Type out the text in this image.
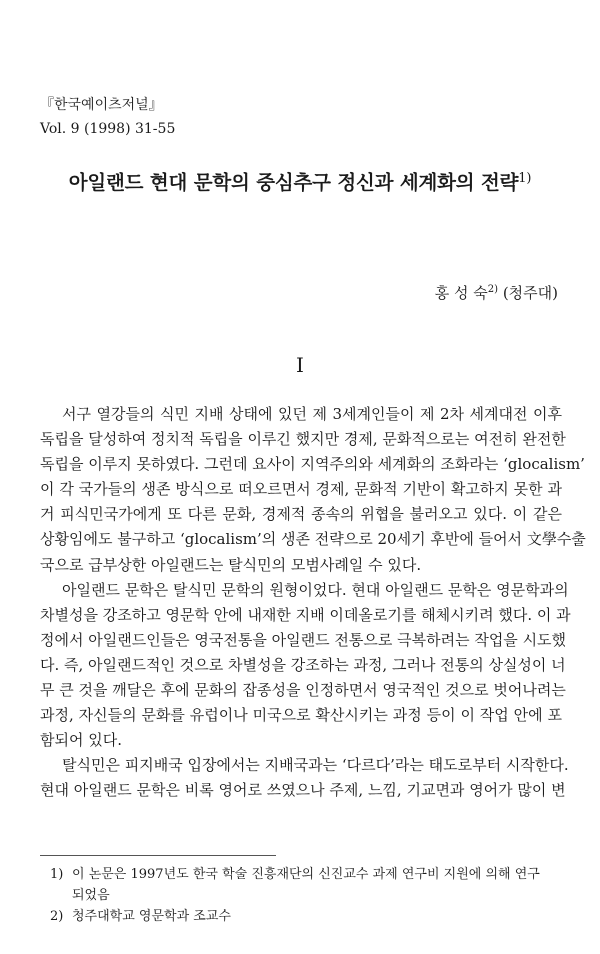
『한국예이츠저널』
Vol. 9 (1998) 31-55
아일랜드 현대 문학의 중심추구 정신과 세계화의 전략$^{1)}$
홍 성 숙$^{2)}$ (청주대)
I
서구 열강들의 식민 지배 상태에 있던 제 3세계인들이 제 2차 세계대전 이후
독립을 달성하여 정치적 독립을 이루긴 했지만 경제, 문화적으로는 여전히 완전한
독립을 이루지 못하였다. 그런데 요사이 지역주의와 세계화의 조화라는 ‘glocalism’
이 각 국가들의 생존 방식으로 떠오르면서 경제, 문화적 기반이 확고하지 못한 과
거 피식민국가에게 또 다른 문화, 경제적 종속의 위협을 불러오고 있다. 이 같은
상황임에도 불구하고 ‘glocalism’의 생존 전략으로 20세기 후반에 들어서 文學수출
국으로 급부상한 아일랜드는 탈식민의 모범사례일 수 있다.
아일랜드 문학은 탈식민 문학의 원형이었다. 현대 아일랜드 문학은 영문학과의
차별성을 강조하고 영문학 안에 내재한 지배 이데올로기를 해체시키려 했다. 이 과
정에서 아일랜드인들은 영국전통을 아일랜드 전통으로 극복하려는 작업을 시도했
다. 즉, 아일랜드적인 것으로 차별성을 강조하는 과정, 그러나 전통의 상실성이 너
무 큰 것을 깨달은 후에 문화의 잡종성을 인정하면서 영국적인 것으로 벗어나려는
과정, 자신들의 문화를 유럽이나 미국으로 확산시키는 과정 등이 이 작업 안에 포
함되어 있다.
탈식민은 피지배국 입장에서는 지배국과는 ‘다르다’라는 태도로부터 시작한다.
현대 아일랜드 문학은 비록 영어로 쓰였으나 주제, 느낌, 기교면과 영어가 많이 변
1) 이 논문은 1997년도 한국 학술 진흥재단의 신진교수 과제 연구비 지원에 의해 연구
되었음
2) 청주대학교 영문학과 조교수
